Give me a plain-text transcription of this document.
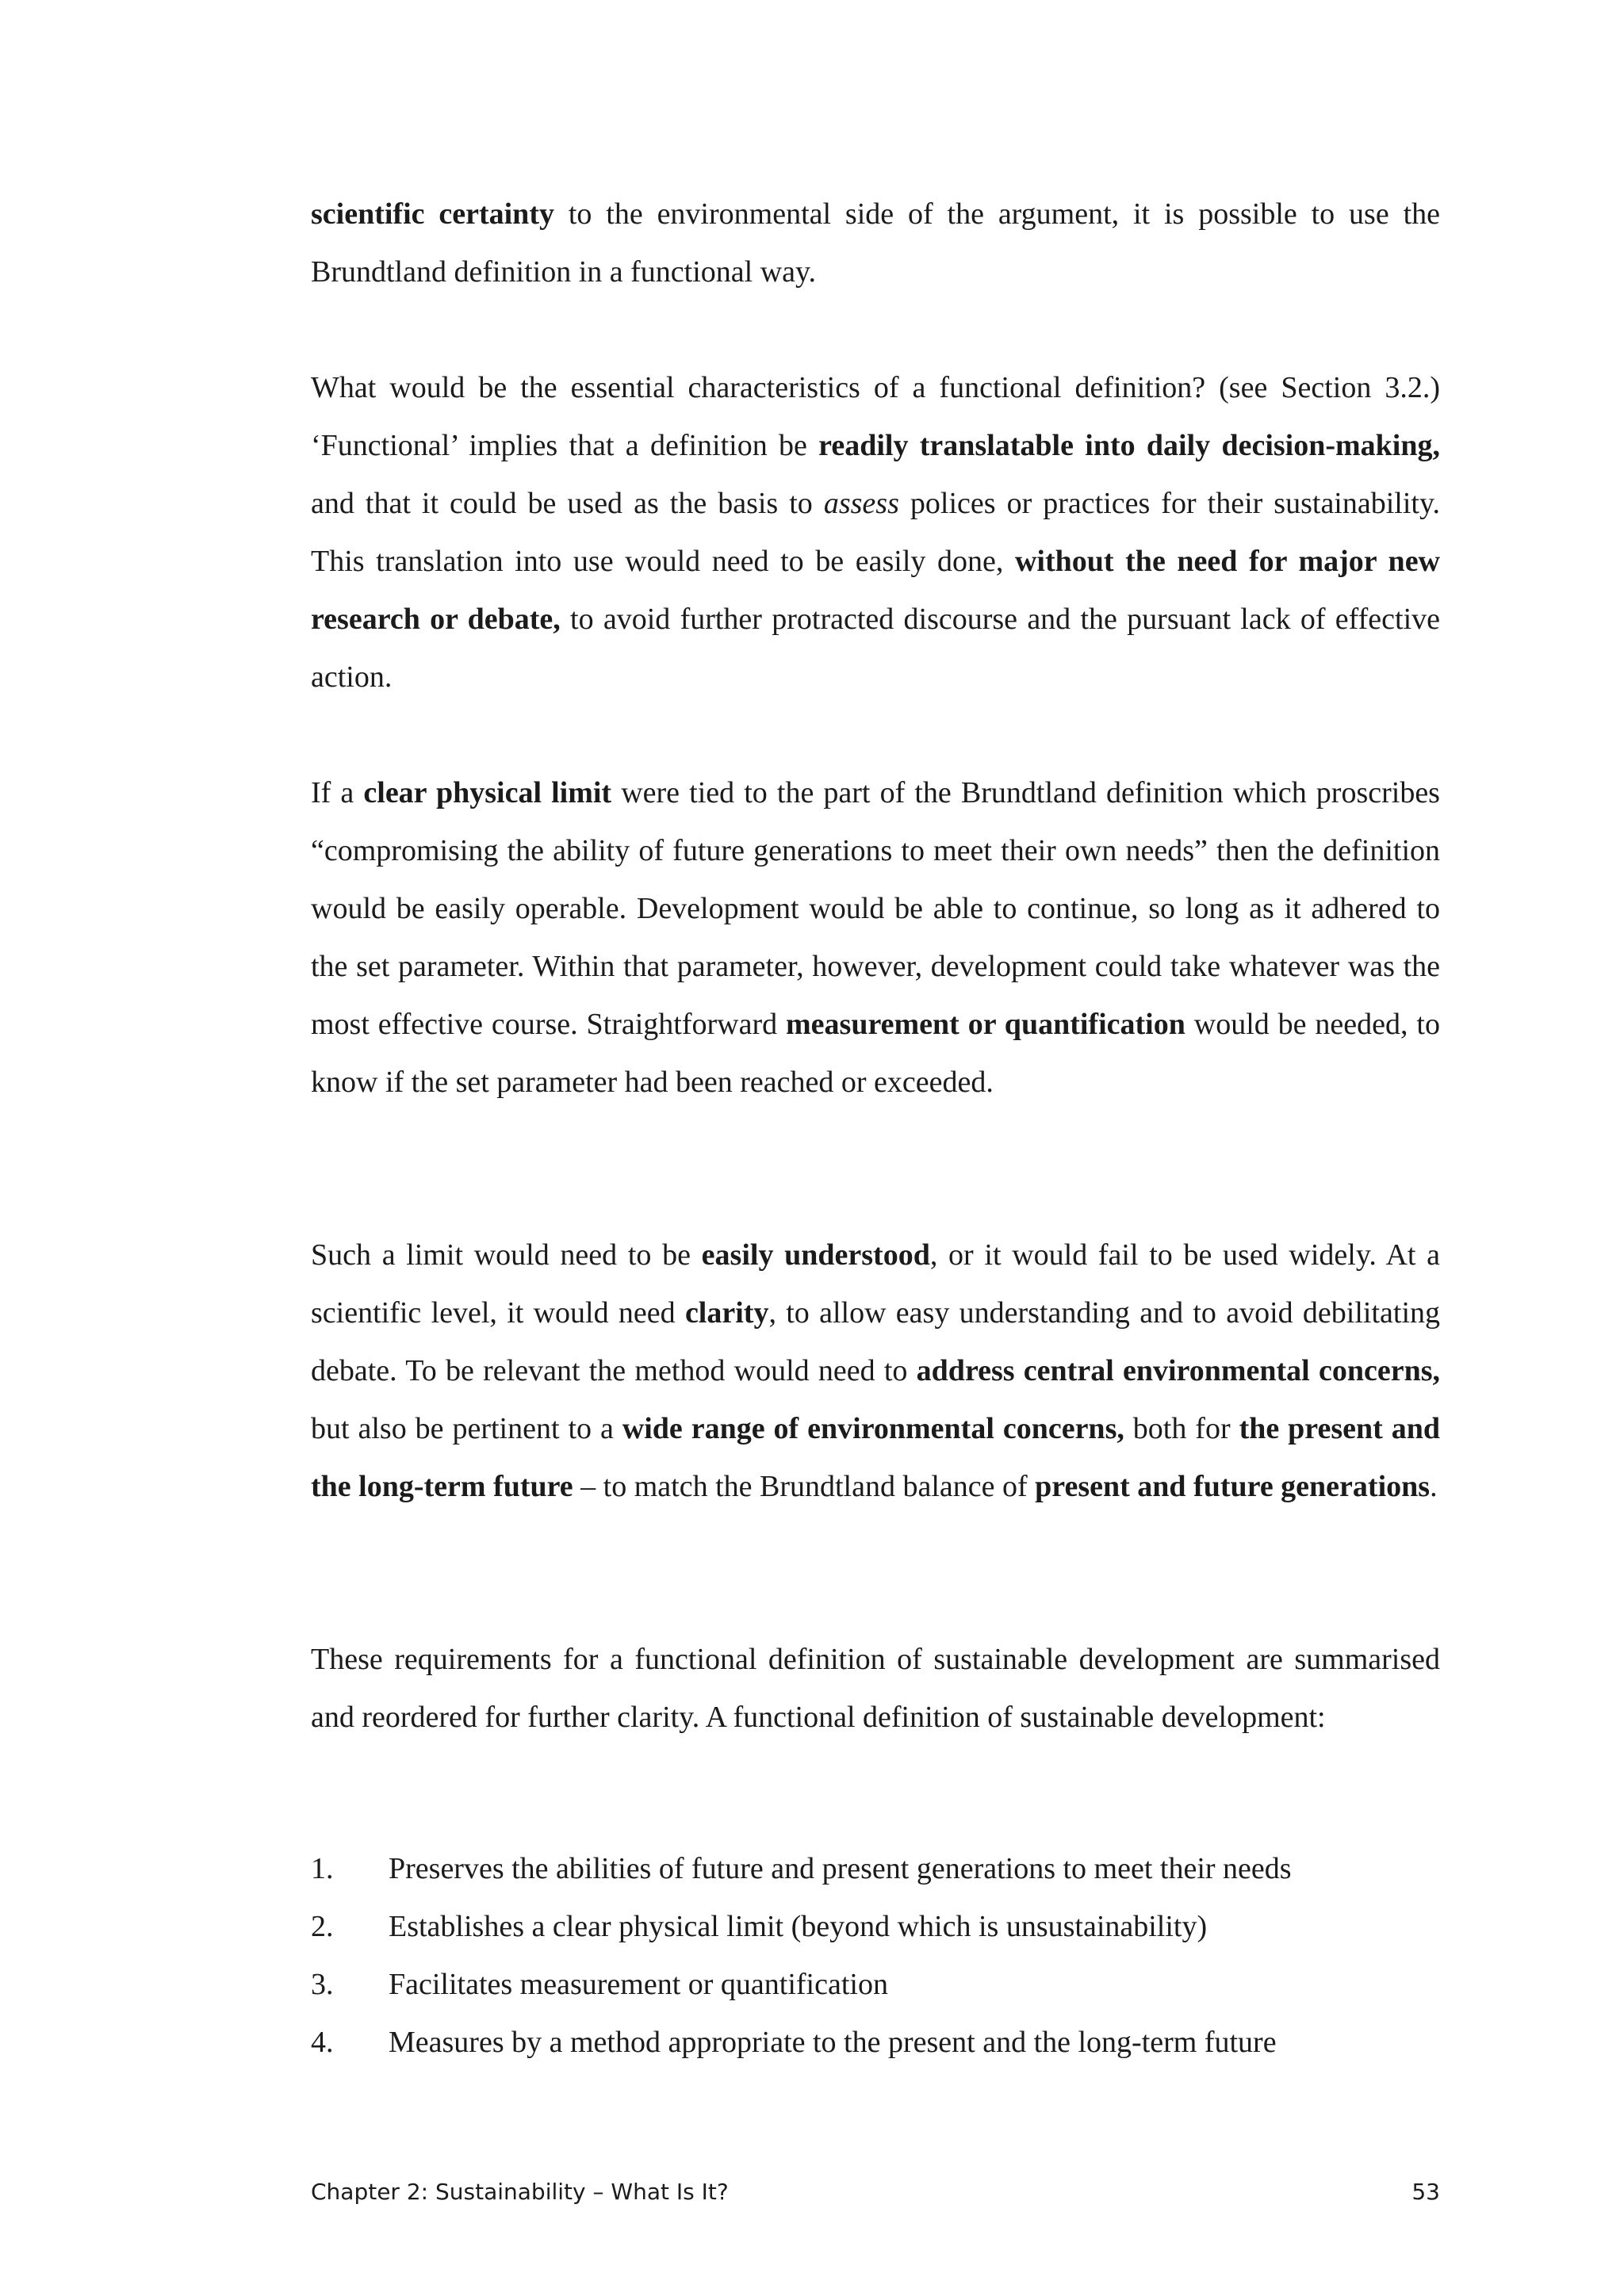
scientific certainty to the environmental side of the argument, it is possible to use the Brundtland definition in a functional way.

What would be the essential characteristics of a functional definition? (see Section 3.2.) ‘Functional’ implies that a definition be readily translatable into daily decision-making, and that it could be used as the basis to assess polices or practices for their sustainability. This translation into use would need to be easily done, without the need for major new research or debate, to avoid further protracted discourse and the pursuant lack of effective action.

If a clear physical limit were tied to the part of the Brundtland definition which proscribes “compromising the ability of future generations to meet their own needs” then the definition would be easily operable. Development would be able to continue, so long as it adhered to the set parameter. Within that parameter, however, development could take whatever was the most effective course. Straightforward measurement or quantification would be needed, to know if the set parameter had been reached or exceeded.

Such a limit would need to be easily understood, or it would fail to be used widely. At a scientific level, it would need clarity, to allow easy understanding and to avoid debilitating debate. To be relevant the method would need to address central environmental concerns, but also be pertinent to a wide range of environmental concerns, both for the present and the long-term future – to match the Brundtland balance of present and future generations.

These requirements for a functional definition of sustainable development are summarised and reordered for further clarity. A functional definition of sustainable development:

1. Preserves the abilities of future and present generations to meet their needs
2. Establishes a clear physical limit (beyond which is unsustainability)
3. Facilitates measurement or quantification
4. Measures by a method appropriate to the present and the long-term future
Chapter 2: Sustainability – What Is It?	53
